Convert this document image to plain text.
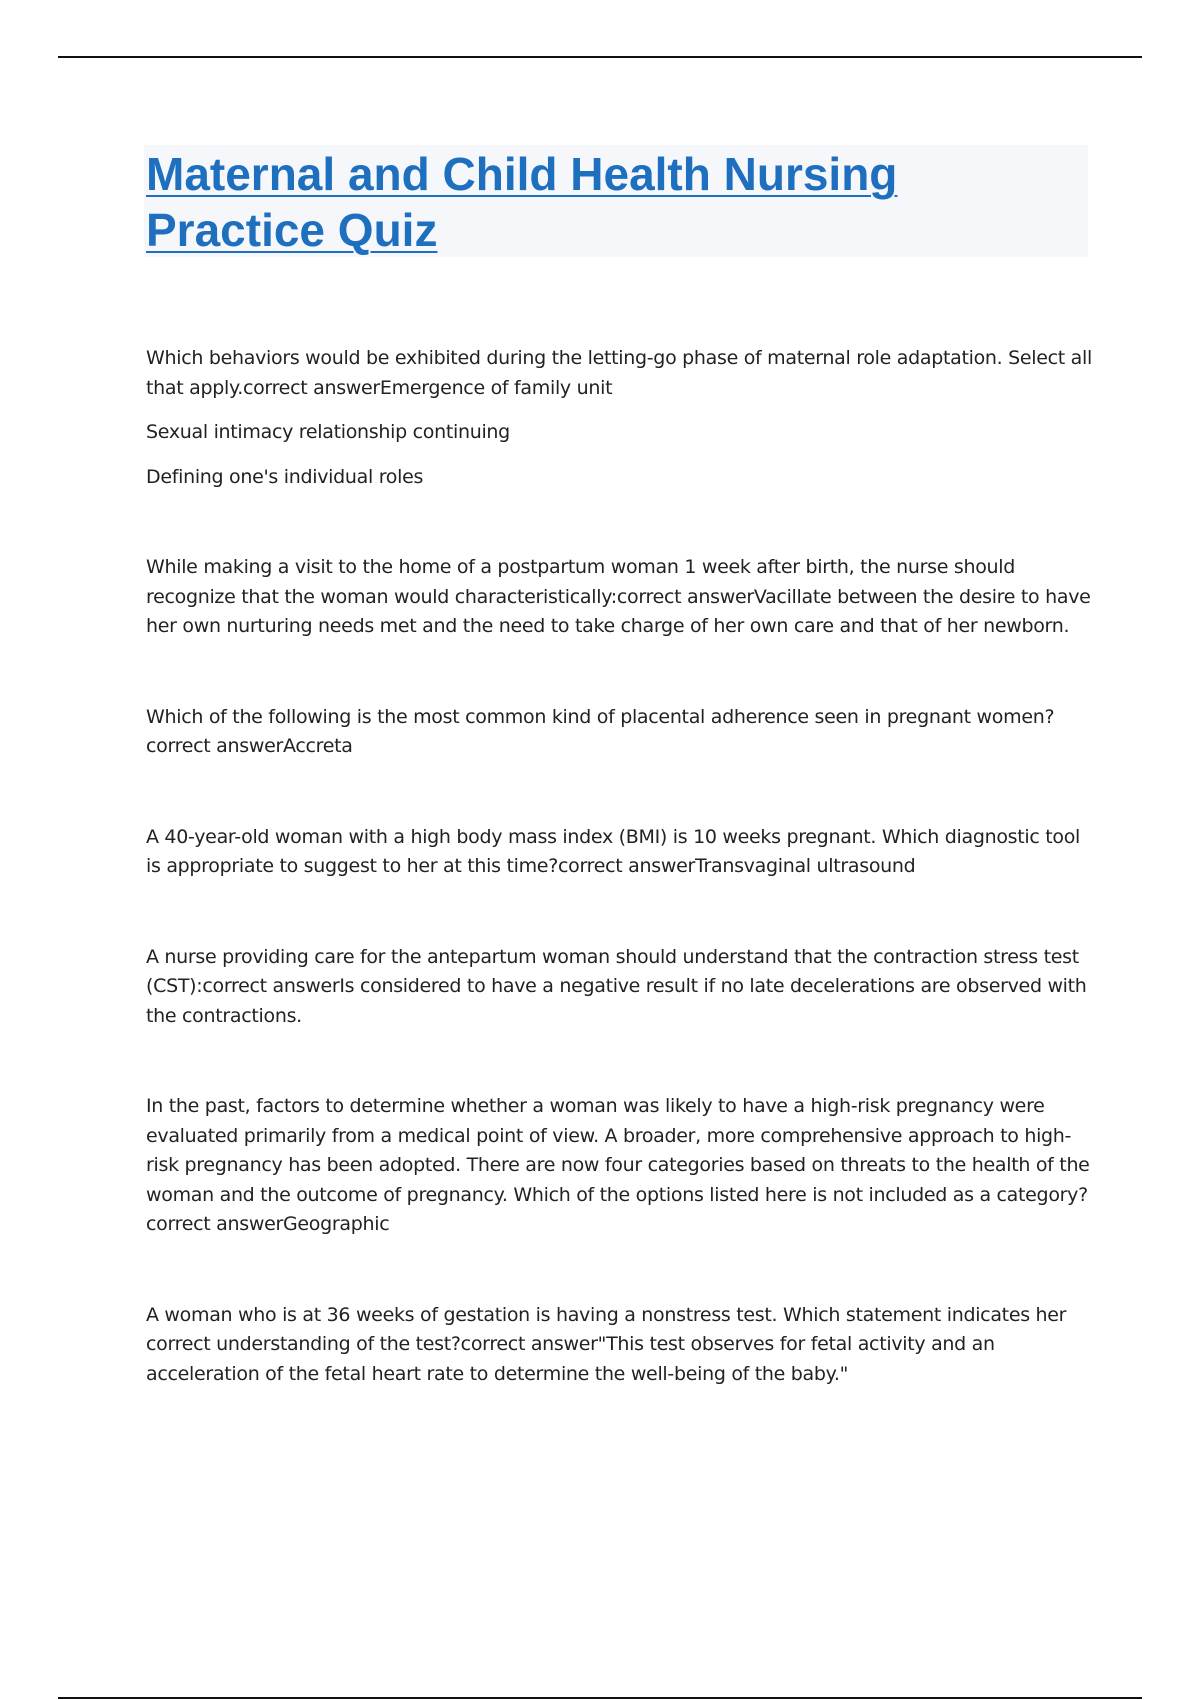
Maternal and Child Health Nursing Practice Quiz

Which behaviors would be exhibited during the letting-go phase of maternal role adaptation. Select all that apply.correct answerEmergence of family unit

Sexual intimacy relationship continuing

Defining one's individual roles

While making a visit to the home of a postpartum woman 1 week after birth, the nurse should recognize that the woman would characteristically:correct answerVacillate between the desire to have her own nurturing needs met and the need to take charge of her own care and that of her newborn.

Which of the following is the most common kind of placental adherence seen in pregnant women?correct answerAccreta

A 40-year-old woman with a high body mass index (BMI) is 10 weeks pregnant. Which diagnostic tool is appropriate to suggest to her at this time?correct answerTransvaginal ultrasound

A nurse providing care for the antepartum woman should understand that the contraction stress test (CST):correct answerIs considered to have a negative result if no late decelerations are observed with the contractions.

In the past, factors to determine whether a woman was likely to have a high-risk pregnancy were evaluated primarily from a medical point of view. A broader, more comprehensive approach to high-risk pregnancy has been adopted. There are now four categories based on threats to the health of the woman and the outcome of pregnancy. Which of the options listed here is not included as a category?correct answerGeographic

A woman who is at 36 weeks of gestation is having a nonstress test. Which statement indicates her correct understanding of the test?correct answer"This test observes for fetal activity and an acceleration of the fetal heart rate to determine the well-being of the baby."
